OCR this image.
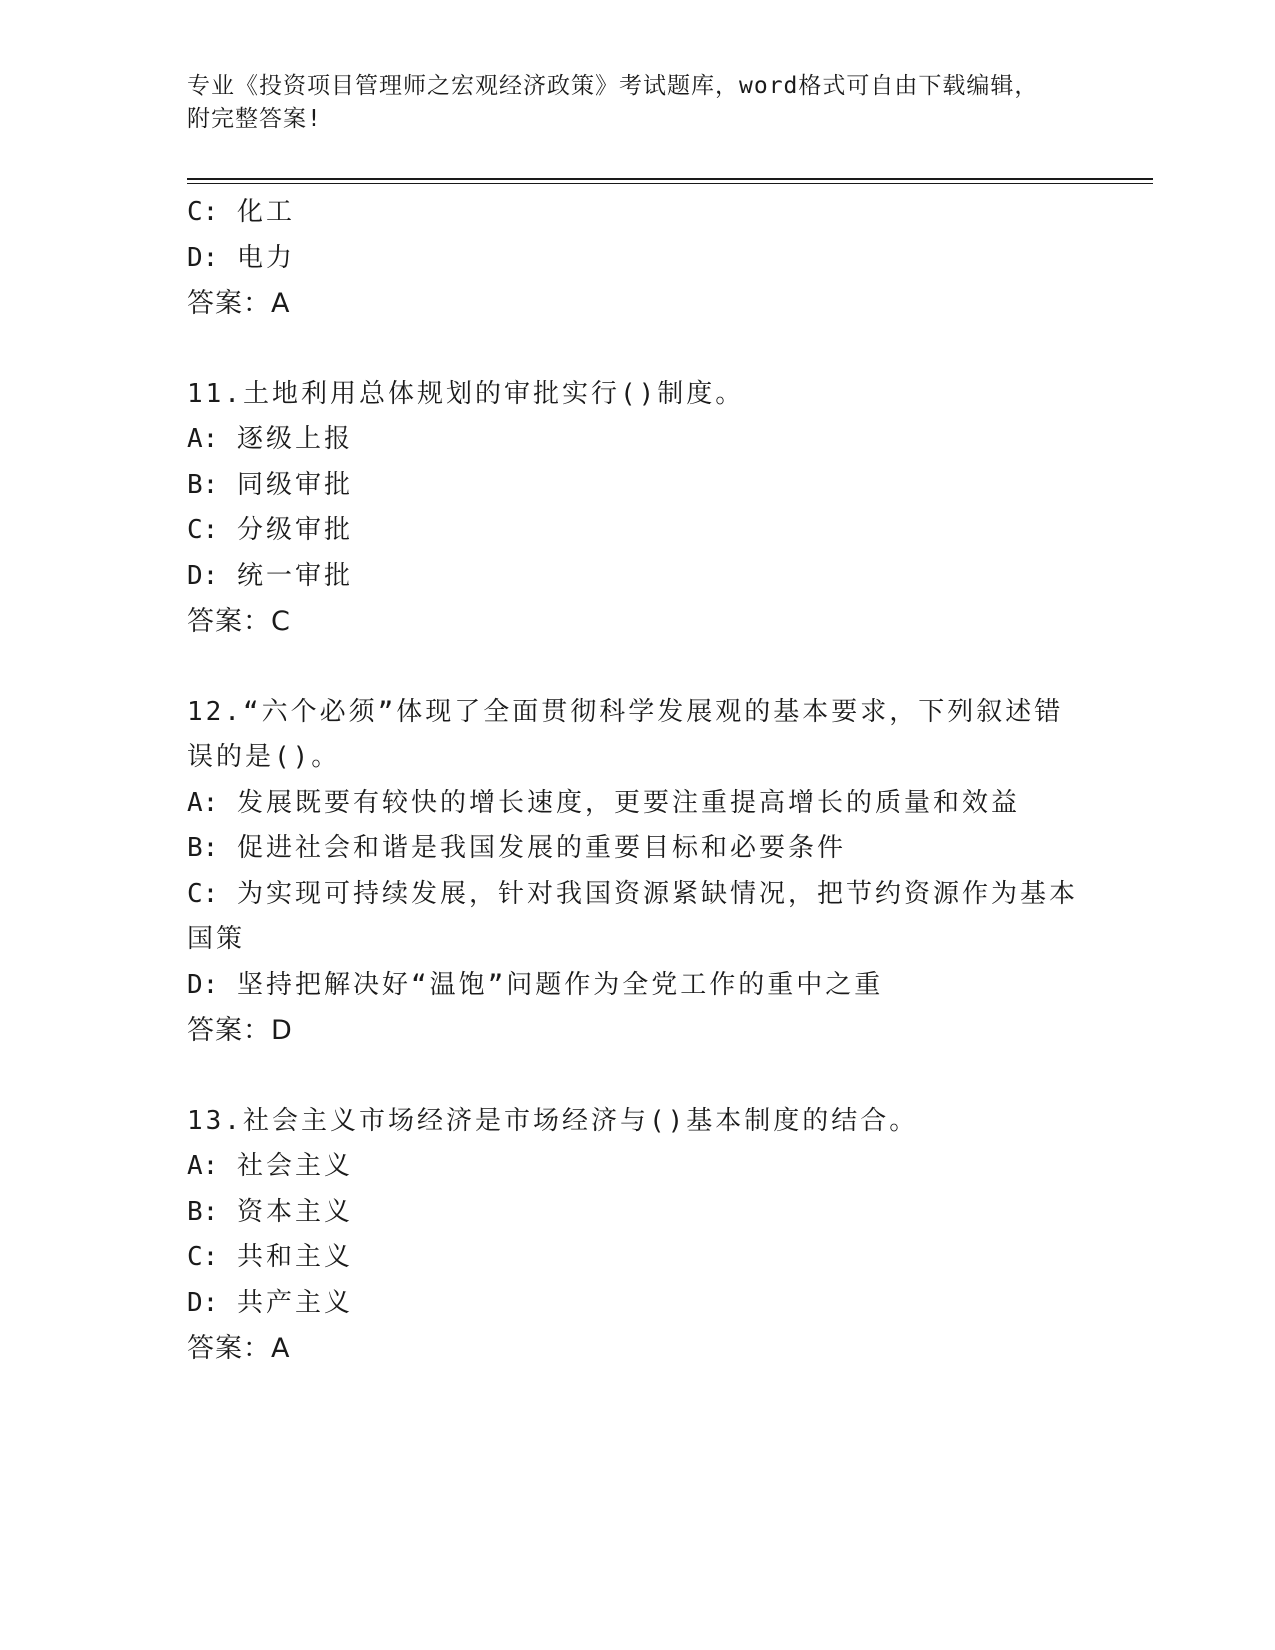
专业《投资项目管理师之宏观经济政策》考试题库，word格式可自由下载编辑，
附完整答案!
C: 化工
D: 电力
答案：A
11.土地利用总体规划的审批实行()制度。
A: 逐级上报
B: 同级审批
C: 分级审批
D: 统一审批
答案：C
12.“六个必须”体现了全面贯彻科学发展观的基本要求，下列叙述错
误的是()。
A: 发展既要有较快的增长速度，更要注重提高增长的质量和效益
B: 促进社会和谐是我国发展的重要目标和必要条件
C: 为实现可持续发展，针对我国资源紧缺情况，把节约资源作为基本
国策
D: 坚持把解决好“温饱”问题作为全党工作的重中之重
答案：D
13.社会主义市场经济是市场经济与()基本制度的结合。
A: 社会主义
B: 资本主义
C: 共和主义
D: 共产主义
答案：A
